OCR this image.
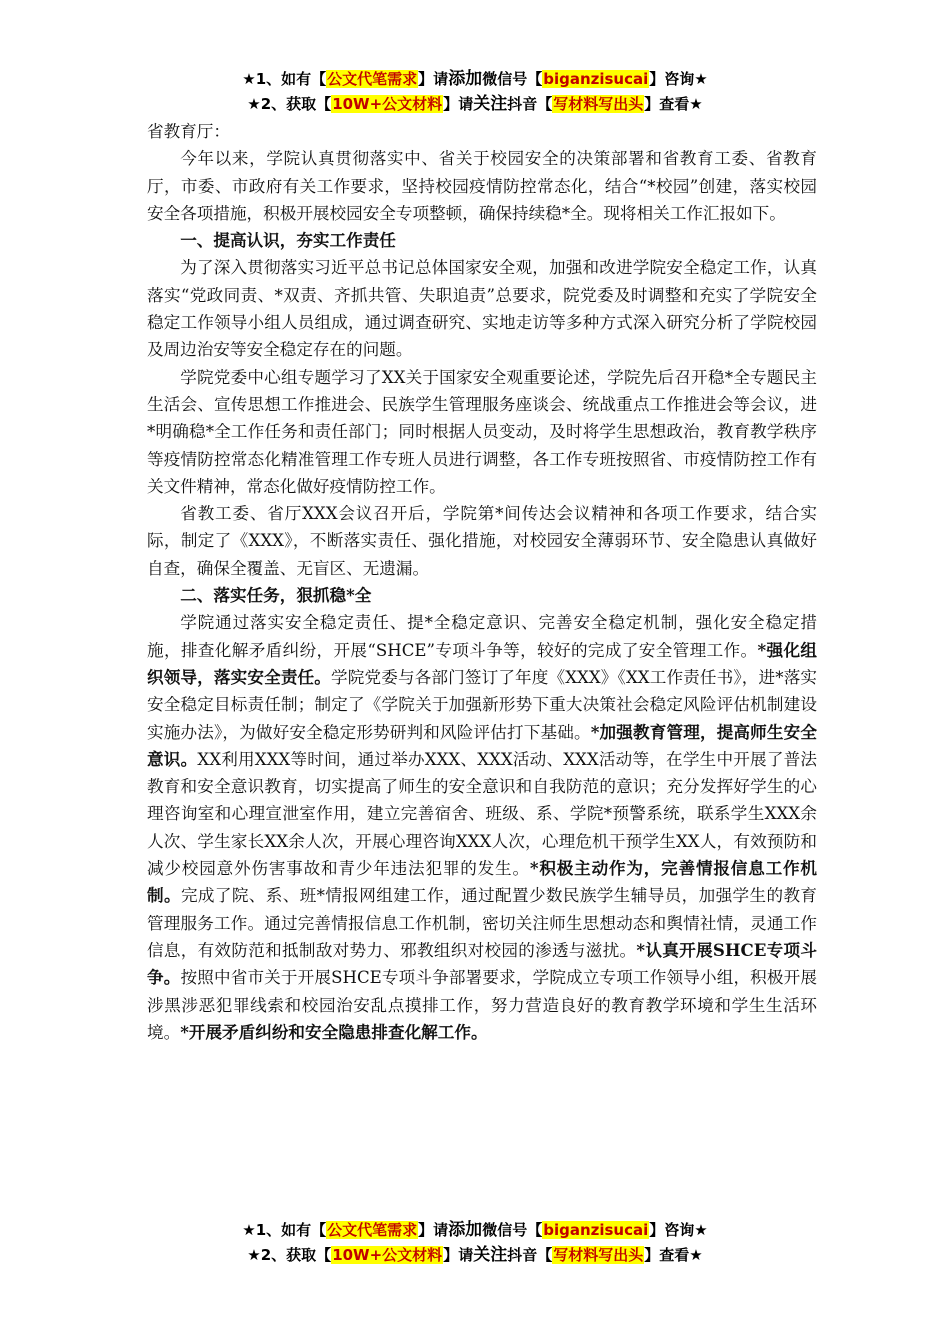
★1、如有【公文代笔需求】请添加微信号【biganzisucai】咨询★
★2、获取【10W+公文材料】请关注抖音【写材料写出头】查看★

省教育厅：

今年以来，学院认真贯彻落实中、省关于校园安全的决策部署和省教育工委、省教育厅，市委、市政府有关工作要求，坚持校园疫情防控常态化，结合“*校园”创建，落实校园安全各项措施，积极开展校园安全专项整顿，确保持续稳*全。现将相关工作汇报如下。

一、提高认识，夯实工作责任

为了深入贯彻落实习近平总书记总体国家安全观，加强和改进学院安全稳定工作，认真落实“党政同责、*双责、齐抓共管、失职追责”总要求，院党委及时调整和充实了学院安全稳定工作领导小组人员组成，通过调查研究、实地走访等多种方式深入研究分析了学院校园及周边治安等安全稳定存在的问题。

学院党委中心组专题学习了XX关于国家安全观重要论述，学院先后召开稳*全专题民主生活会、宣传思想工作推进会、民族学生管理服务座谈会、统战重点工作推进会等会议，进*明确稳*全工作任务和责任部门；同时根据人员变动，及时将学生思想政治，教育教学秩序等疫情防控常态化精准管理工作专班人员进行调整，各工作专班按照省、市疫情防控工作有关文件精神，常态化做好疫情防控工作。

省教工委、省厅XXX会议召开后，学院第*间传达会议精神和各项工作要求，结合实际，制定了《XXX》，不断落实责任、强化措施，对校园安全薄弱环节、安全隐患认真做好自查，确保全覆盖、无盲区、无遗漏。

二、落实任务，狠抓稳*全

学院通过落实安全稳定责任、提*全稳定意识、完善安全稳定机制，强化安全稳定措施，排查化解矛盾纠纷，开展“SHCE”专项斗争等，较好的完成了安全管理工作。*强化组织领导，落实安全责任。学院党委与各部门签订了年度《XXX》《XX工作责任书》，进*落实安全稳定目标责任制；制定了《学院关于加强新形势下重大决策社会稳定风险评估机制建设实施办法》，为做好安全稳定形势研判和风险评估打下基础。*加强教育管理，提高师生安全意识。XX利用XXX等时间，通过举办XXX、XXX活动、XXX活动等，在学生中开展了普法教育和安全意识教育，切实提高了师生的安全意识和自我防范的意识；充分发挥好学生的心理咨询室和心理宣泄室作用，建立完善宿舍、班级、系、学院*预警系统，联系学生XXX余人次、学生家长XX余人次，开展心理咨询XXX人次，心理危机干预学生XX人，有效预防和减少校园意外伤害事故和青少年违法犯罪的发生。*积极主动作为，完善情报信息工作机制。完成了院、系、班*情报网组建工作，通过配置少数民族学生辅导员，加强学生的教育管理服务工作。通过完善情报信息工作机制，密切关注师生思想动态和舆情社情，灵通工作信息，有效防范和抵制敌对势力、邪教组织对校园的渗透与滋扰。*认真开展SHCE专项斗争。按照中省市关于开展SHCE专项斗争部署要求，学院成立专项工作领导小组，积极开展涉黑涉恶犯罪线索和校园治安乱点摸排工作，努力营造良好的教育教学环境和学生生活环境。*开展矛盾纠纷和安全隐患排查化解工作。

★1、如有【公文代笔需求】请添加微信号【biganzisucai】咨询★
★2、获取【10W+公文材料】请关注抖音【写材料写出头】查看★
